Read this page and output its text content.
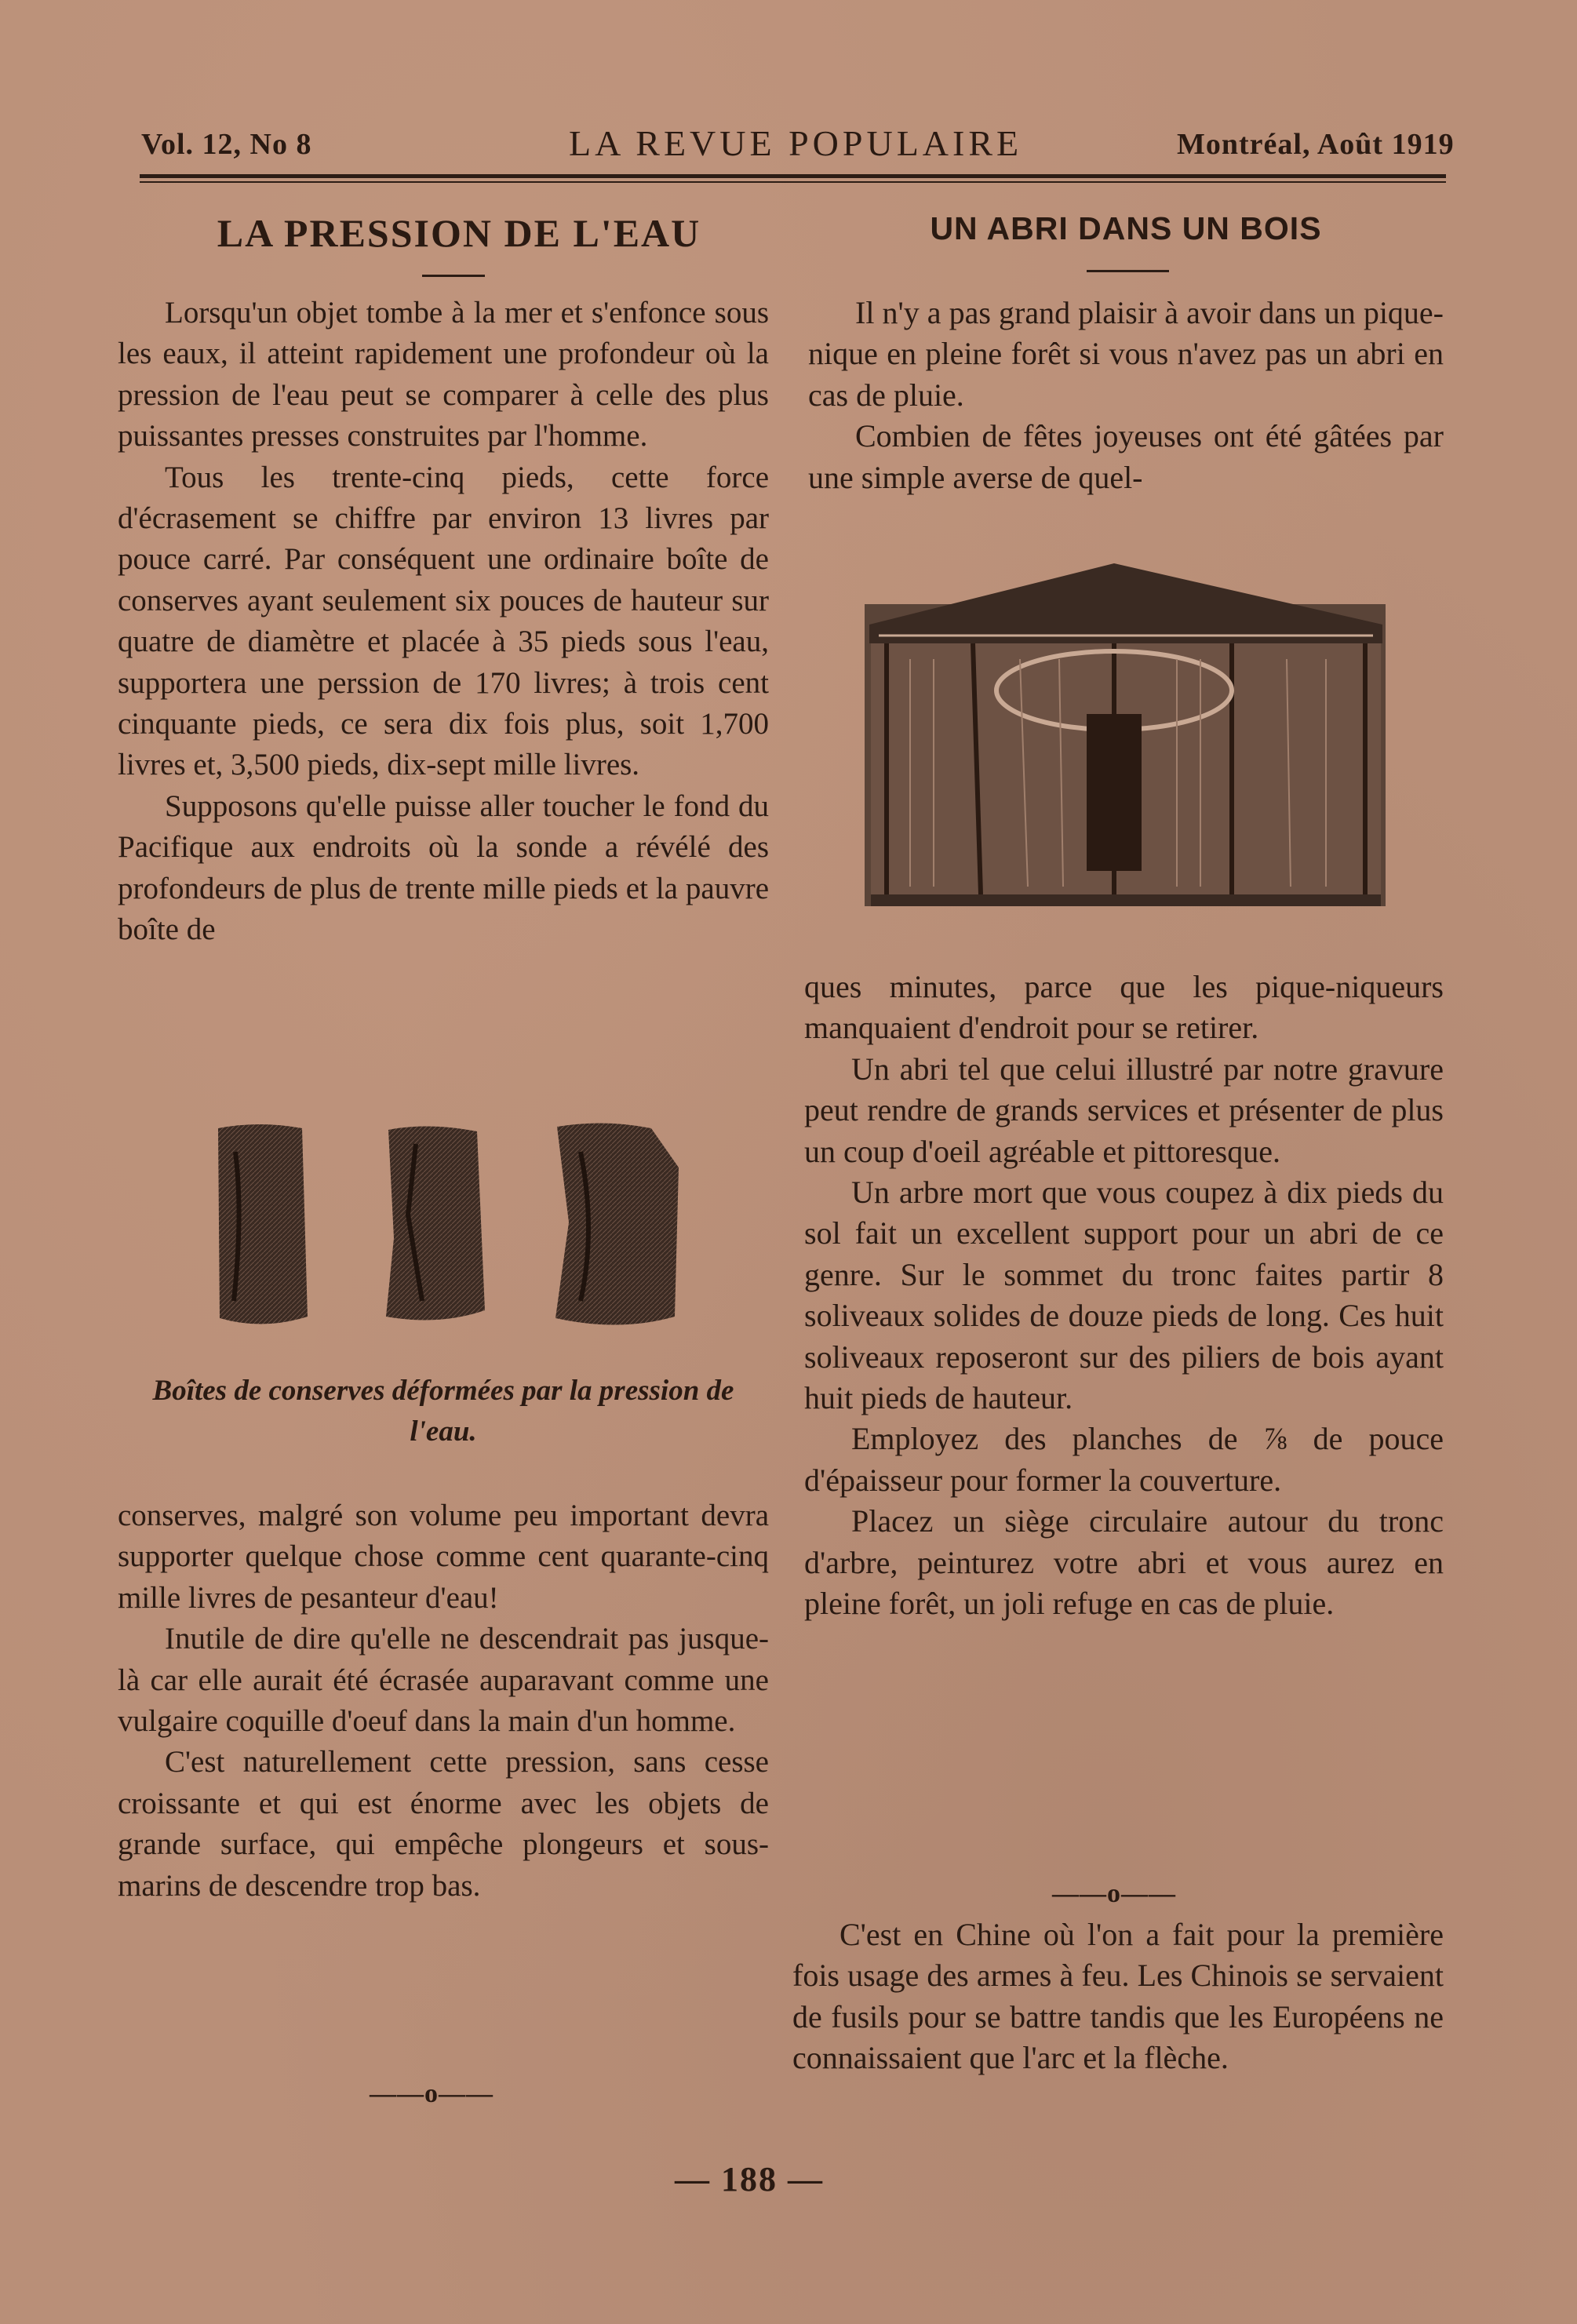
Vol. 12, No 8	LA REVUE POPULAIRE	Montréal, Août 1919
LA PRESSION DE L'EAU

Lorsqu'un objet tombe à la mer et s'enfonce sous les eaux, il atteint rapidement une profondeur où la pression de l'eau peut se comparer à celle des plus puissantes presses construites par l'homme.

Tous les trente-cinq pieds, cette force d'écrasement se chiffre par environ 13 livres par pouce carré. Par conséquent une ordinaire boîte de conserves ayant seulement six pouces de hauteur sur quatre de diamètre et placée à 35 pieds sous l'eau, supportera une perssion de 170 livres; à trois cent cinquante pieds, ce sera dix fois plus, soit 1,700 livres et, 3,500 pieds, dix-sept mille livres.

Supposons qu'elle puisse aller toucher le fond du Pacifique aux endroits où la sonde a révélé des profondeurs de plus de trente mille pieds et la pauvre boîte de

Boîtes de conserves déformées par la pression de l'eau.

conserves, malgré son volume peu important devra supporter quelque chose comme cent quarante-cinq mille livres de pesanteur d'eau!

Inutile de dire qu'elle ne descendrait pas jusque-là car elle aurait été écrasée auparavant comme une vulgaire coquille d'oeuf dans la main d'un homme.

C'est naturellement cette pression, sans cesse croissante et qui est énorme avec les objets de grande surface, qui empêche plongeurs et sous-marins de descendre trop bas.

——o——
UN ABRI DANS UN BOIS

Il n'y a pas grand plaisir à avoir dans un pique-nique en pleine forêt si vous n'avez pas un abri en cas de pluie.

Combien de fêtes joyeuses ont été gâtées par une simple averse de quel-

ques minutes, parce que les pique-niqueurs manquaient d'endroit pour se retirer.

Un abri tel que celui illustré par notre gravure peut rendre de grands services et présenter de plus un coup d'oeil agréable et pittoresque.

Un arbre mort que vous coupez à dix pieds du sol fait un excellent support pour un abri de ce genre. Sur le sommet du tronc faites partir 8 soliveaux solides de douze pieds de long. Ces huit soliveaux reposeront sur des piliers de bois ayant huit pieds de hauteur.

Employez des planches de ⅞ de pouce d'épaisseur pour former la couverture.

Placez un siège circulaire autour du tronc d'arbre, peinturez votre abri et vous aurez en pleine forêt, un joli refuge en cas de pluie.

——o——

C'est en Chine où l'on a fait pour la première fois usage des armes à feu. Les Chinois se servaient de fusils pour se battre tandis que les Européens ne connaissaient que l'arc et la flèche.

— 188 —
